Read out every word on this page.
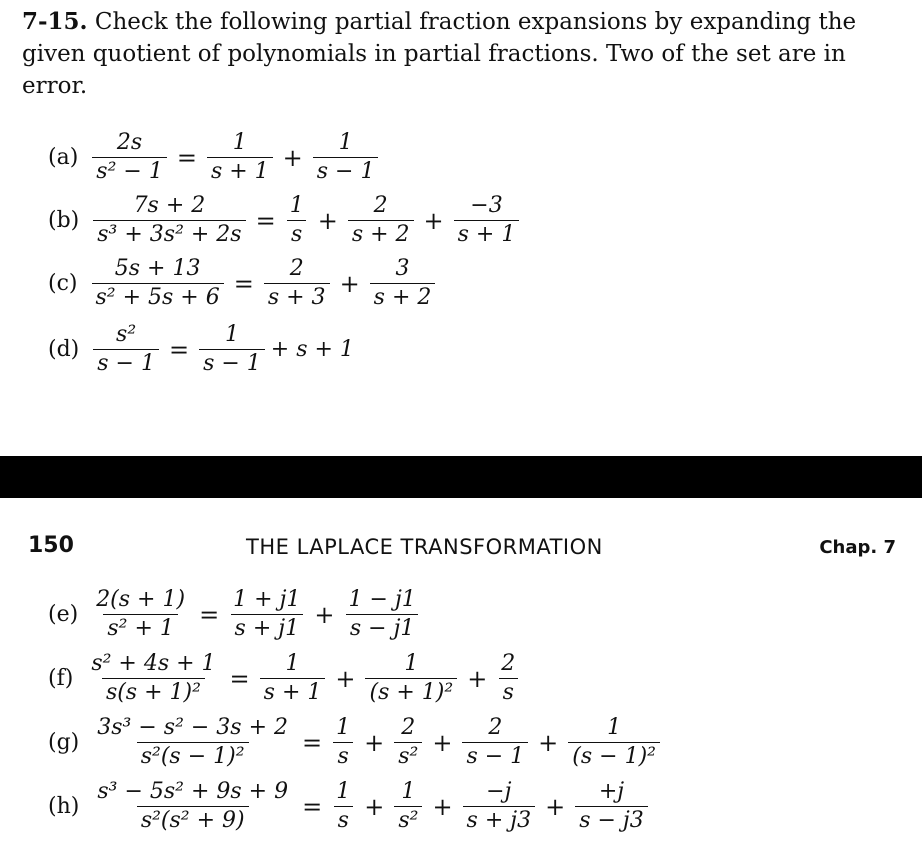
7-15. Check the following partial fraction expansions by expanding the given quotient of polynomials in partial fractions. Two of the set are in error.

$(a) \frac{2s}{\text{s² − 1}} = \frac{1}{s + 1} + \frac{1}{s - 1}$
$(b) \frac{7s + 2}{\text{s³ + 3s² + 2s}} = \frac{1}{s} + \frac{2}{s + 2} + \frac{-3}{s + 1}$
$(c) \frac{5s + 13}{\text{s² + 5s + 6}} = \frac{2}{s + 3} + \frac{3}{s + 2}$
$(d) \frac{\text{s²}}{s - 1} = \frac{1}{s - 1} + s + 1$
$(e) \frac{2(s + 1)}{\text{s² + 1}} = \frac{1 + j1}{s + j1} + \frac{1 - j1}{s - j1}$
$(f) \frac{\text{s² + 4s + 1}}{\text{s(s + 1)²}} = \frac{1}{s + 1} + \frac{1}{\text{(s + 1)²}} + \frac{2}{s}$
$(g) \frac{\text{3s³ − s² − 3s + 2}}{\text{s²(s − 1)²}} = \frac{1}{s} + \frac{2}{\text{s²}} + \frac{2}{s - 1} + \frac{1}{\text{(s − 1)²}}$
$(h) \frac{\text{s³ − 5s² + 9s + 9}}{\text{s²(s² + 9)}} = \frac{1}{s} + \frac{1}{\text{s²}} + \frac{-j}{s + j3} + \frac{+j}{s - j3}$
150	THE LAPLACE TRANSFORMATION	Chap. 7
